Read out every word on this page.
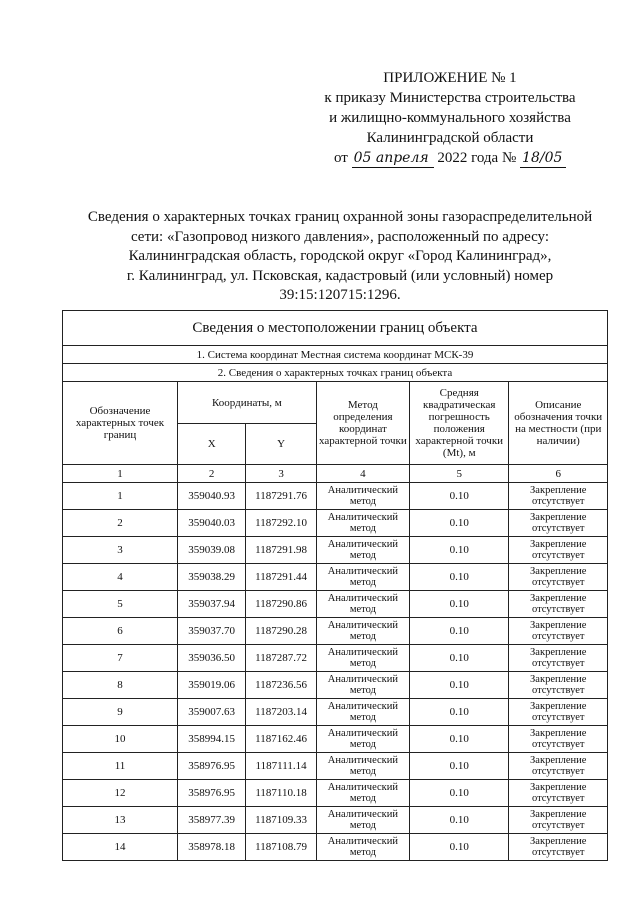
ПРИЛОЖЕНИЕ № 1
к приказу Министерства строительства
и жилищно-коммунального хозяйства
Калининградской области
от 05 апреля 2022 года № 18/05
Сведения о характерных точках границ охранной зоны газораспределительной
сети: «Газопровод низкого давления», расположенный по адресу:
Калининградская область, городской округ «Город Калининград»,
г. Калининград, ул. Псковская, кадастровый (или условный) номер
39:15:120715:1296.
Сведения о местоположении границ объекта					
1. Система координат Местная система координат МСК-39					
2. Сведения о характерных точках границ объекта					
Обозначение характерных точек границ	Координаты, м		Метод определения координат характерной точки	Средняя квадратическая погрешность положения характерной точки (Mt), м	Описание обозначения точки на местности (при наличии)
	X	Y			
1	2	3	4	5	6
1	359040.93	1187291.76	Аналитический метод	0.10	Закрепление отсутствует
2	359040.03	1187292.10	Аналитический метод	0.10	Закрепление отсутствует
3	359039.08	1187291.98	Аналитический метод	0.10	Закрепление отсутствует
4	359038.29	1187291.44	Аналитический метод	0.10	Закрепление отсутствует
5	359037.94	1187290.86	Аналитический метод	0.10	Закрепление отсутствует
6	359037.70	1187290.28	Аналитический метод	0.10	Закрепление отсутствует
7	359036.50	1187287.72	Аналитический метод	0.10	Закрепление отсутствует
8	359019.06	1187236.56	Аналитический метод	0.10	Закрепление отсутствует
9	359007.63	1187203.14	Аналитический метод	0.10	Закрепление отсутствует
10	358994.15	1187162.46	Аналитический метод	0.10	Закрепление отсутствует
11	358976.95	1187111.14	Аналитический метод	0.10	Закрепление отсутствует
12	358976.95	1187110.18	Аналитический метод	0.10	Закрепление отсутствует
13	358977.39	1187109.33	Аналитический метод	0.10	Закрепление отсутствует
14	358978.18	1187108.79	Аналитический метод	0.10	Закрепление отсутствует
